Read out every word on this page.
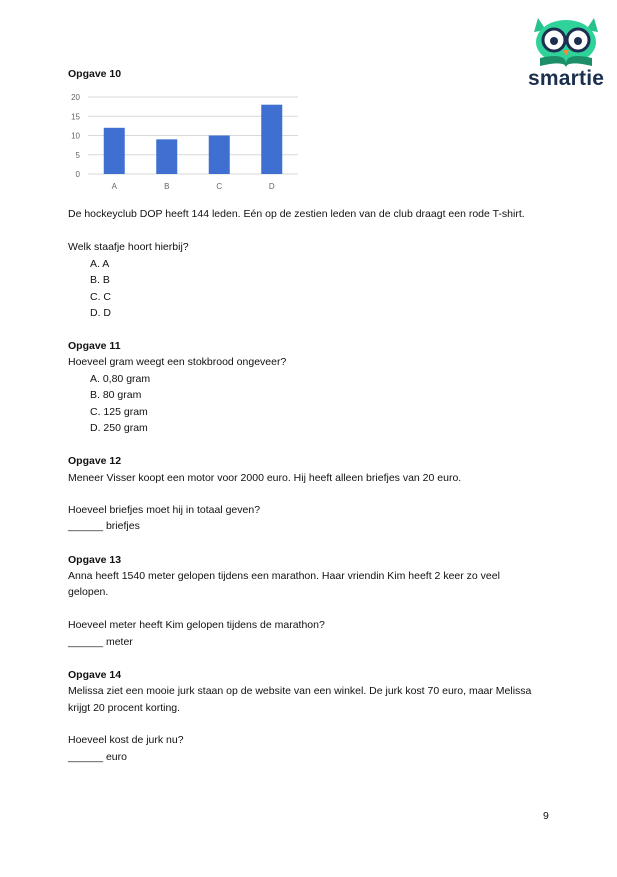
smartie
Opgave 10
0
5
10
15
20
A	B	C	D
De hockeyclub DOP heeft 144 leden. Eén op de zestien leden van de club draagt een rode T-shirt.
Welk staafje hoort hierbij?
A. A
B. B
C. C
D. D
Opgave 11
Hoeveel gram weegt een stokbrood ongeveer?
A. 0,80 gram
B. 80 gram
C. 125 gram
D. 250 gram
Opgave 12
Meneer Visser koopt een motor voor 2000 euro. Hij heeft alleen briefjes van 20 euro.
Hoeveel briefjes moet hij in totaal geven?
______ briefjes
Opgave 13
Anna heeft 1540 meter gelopen tijdens een marathon. Haar vriendin Kim heeft 2 keer zo veel
gelopen.
Hoeveel meter heeft Kim gelopen tijdens de marathon?
______ meter
Opgave 14
Melissa ziet een mooie jurk staan op de website van een winkel. De jurk kost 70 euro, maar Melissa
krijgt 20 procent korting.
Hoeveel kost de jurk nu?
______ euro
9
